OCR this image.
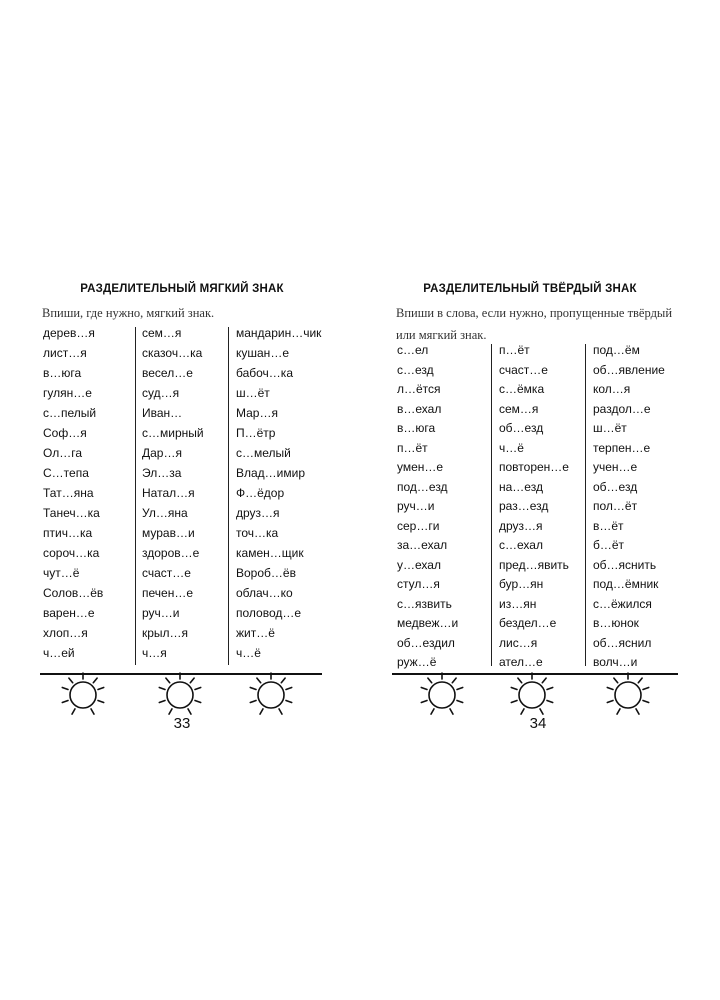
РАЗДЕЛИТЕЛЬНЫЙ МЯГКИЙ ЗНАК
Впиши, где нужно, мягкий знак.
дерев…я
лист…я
в…юга
гулян…е
с…пелый
Соф…я
Ол…га
С…тепа
Тат…яна
Танеч…ка
птич…ка
сороч…ка
чут…ё
Солов…ёв
варен…е
хлоп…я
ч…ей
сем…я
сказоч…ка
весел…е
суд…я
Иван…
с…мирный
Дар…я
Эл…за
Натал…я
Ул…яна
мурав…и
здоров…е
счаст…е
печен…е
руч…и
крыл…я
ч…я
мандарин…чик
кушан…е
бабоч…ка
ш…ёт
Мар…я
П…ётр
с…мелый
Влад…имир
Ф…ёдор
друз…я
точ…ка
камен…щик
Вороб…ёв
облач…ко
половод…е
жит…ё
ч…ё
33
РАЗДЕЛИТЕЛЬНЫЙ ТВЁРДЫЙ ЗНАК
Впиши в слова, если нужно, пропущенные твёрдый или мягкий знак.
с…ел
с…езд
л…ётся
в…ехал
в…юга
п…ёт
умен…е
под…езд
руч…и
сер…ги
за…ехал
у…ехал
стул…я
с…язвить
медвеж…и
об…ездил
руж…ё
п…ёт
счаст…е
с…ёмка
сем…я
об…езд
ч…ё
повторен…е
на…езд
раз…езд
друз…я
с…ехал
пред…явить
бур…ян
из…ян
бездел…е
лис…я
ател…е
под…ём
об…явление
кол…я
раздол…е
ш…ёт
терпен…е
учен…е
об…езд
пол…ёт
в…ёт
б…ёт
об…яснить
под…ёмник
с…ёжился
в…юнок
об…яснил
волч…и
34
